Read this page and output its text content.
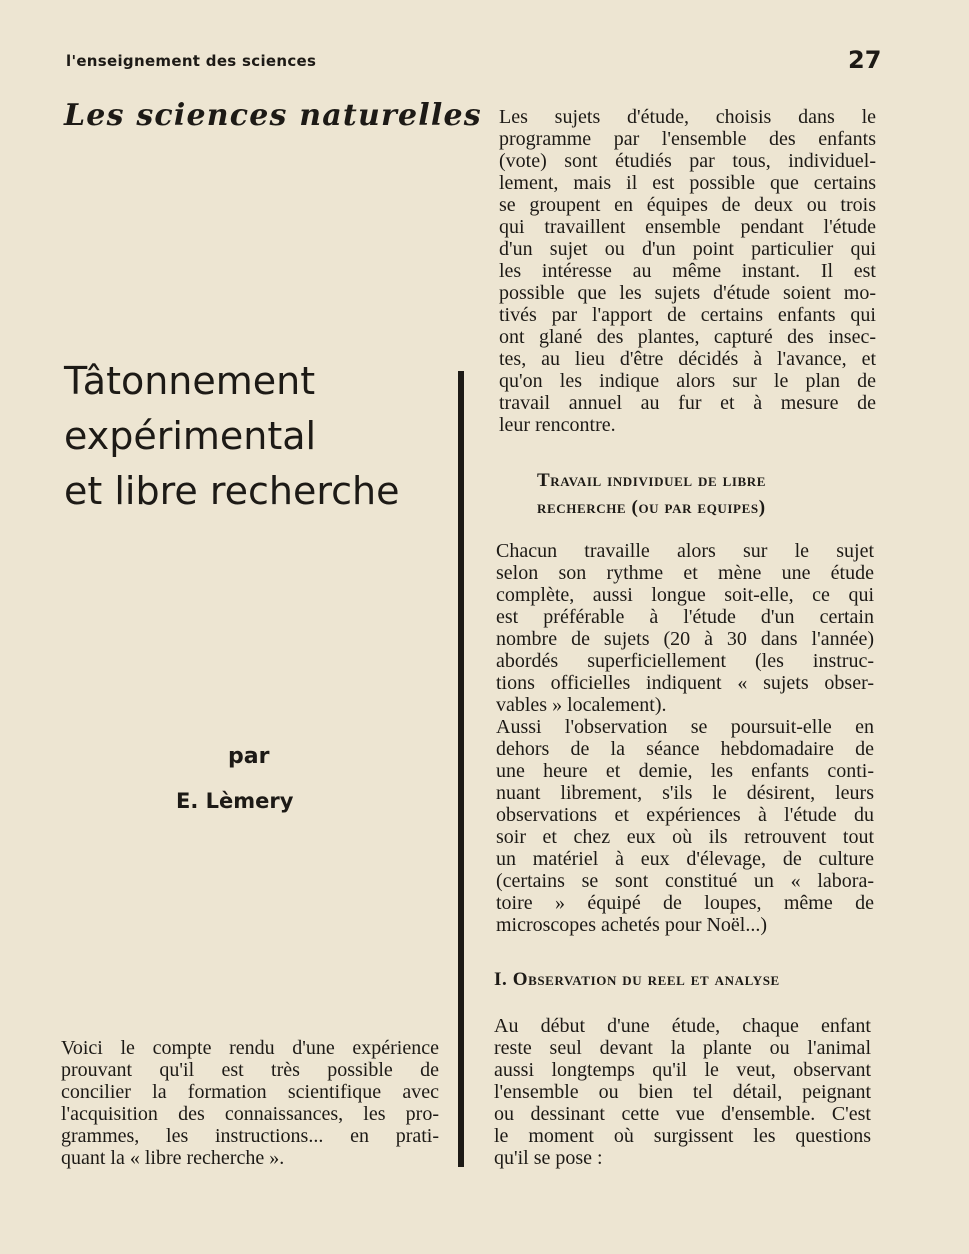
l'enseignement des sciences	27
Les sciences naturelles
Tâtonnement
expérimental
et libre recherche
par
E. Lèmery

Voici le compte rendu d'une expérience
prouvant qu'il est très possible de
concilier la formation scientifique avec
l'acquisition des connaissances, les pro-
grammes, les instructions... en prati-
quant la « libre recherche ».

Les sujets d'étude, choisis dans le
programme par l'ensemble des enfants
(vote) sont étudiés par tous, individuel-
lement, mais il est possible que certains
se groupent en équipes de deux ou trois
qui travaillent ensemble pendant l'étude
d'un sujet ou d'un point particulier qui
les intéresse au même instant. Il est
possible que les sujets d'étude soient mo-
tivés par l'apport de certains enfants qui
ont glané des plantes, capturé des insec-
tes, au lieu d'être décidés à l'avance, et
qu'on les indique alors sur le plan de
travail annuel au fur et à mesure de
leur rencontre.

Travail individuel de libre
recherche (ou par equipes)

Chacun travaille alors sur le sujet
selon son rythme et mène une étude
complète, aussi longue soit-elle, ce qui
est préférable à l'étude d'un certain
nombre de sujets (20 à 30 dans l'année)
abordés superficiellement (les instruc-
tions officielles indiquent « sujets obser-
vables » localement).
Aussi l'observation se poursuit-elle en
dehors de la séance hebdomadaire de
une heure et demie, les enfants conti-
nuant librement, s'ils le désirent, leurs
observations et expériences à l'étude du
soir et chez eux où ils retrouvent tout
un matériel à eux d'élevage, de culture
(certains se sont constitué un « labora-
toire » équipé de loupes, même de
microscopes achetés pour Noël...)

I. Observation du reel et analyse

Au début d'une étude, chaque enfant
reste seul devant la plante ou l'animal
aussi longtemps qu'il le veut, observant
l'ensemble ou bien tel détail, peignant
ou dessinant cette vue d'ensemble. C'est
le moment où surgissent les questions
qu'il se pose :
